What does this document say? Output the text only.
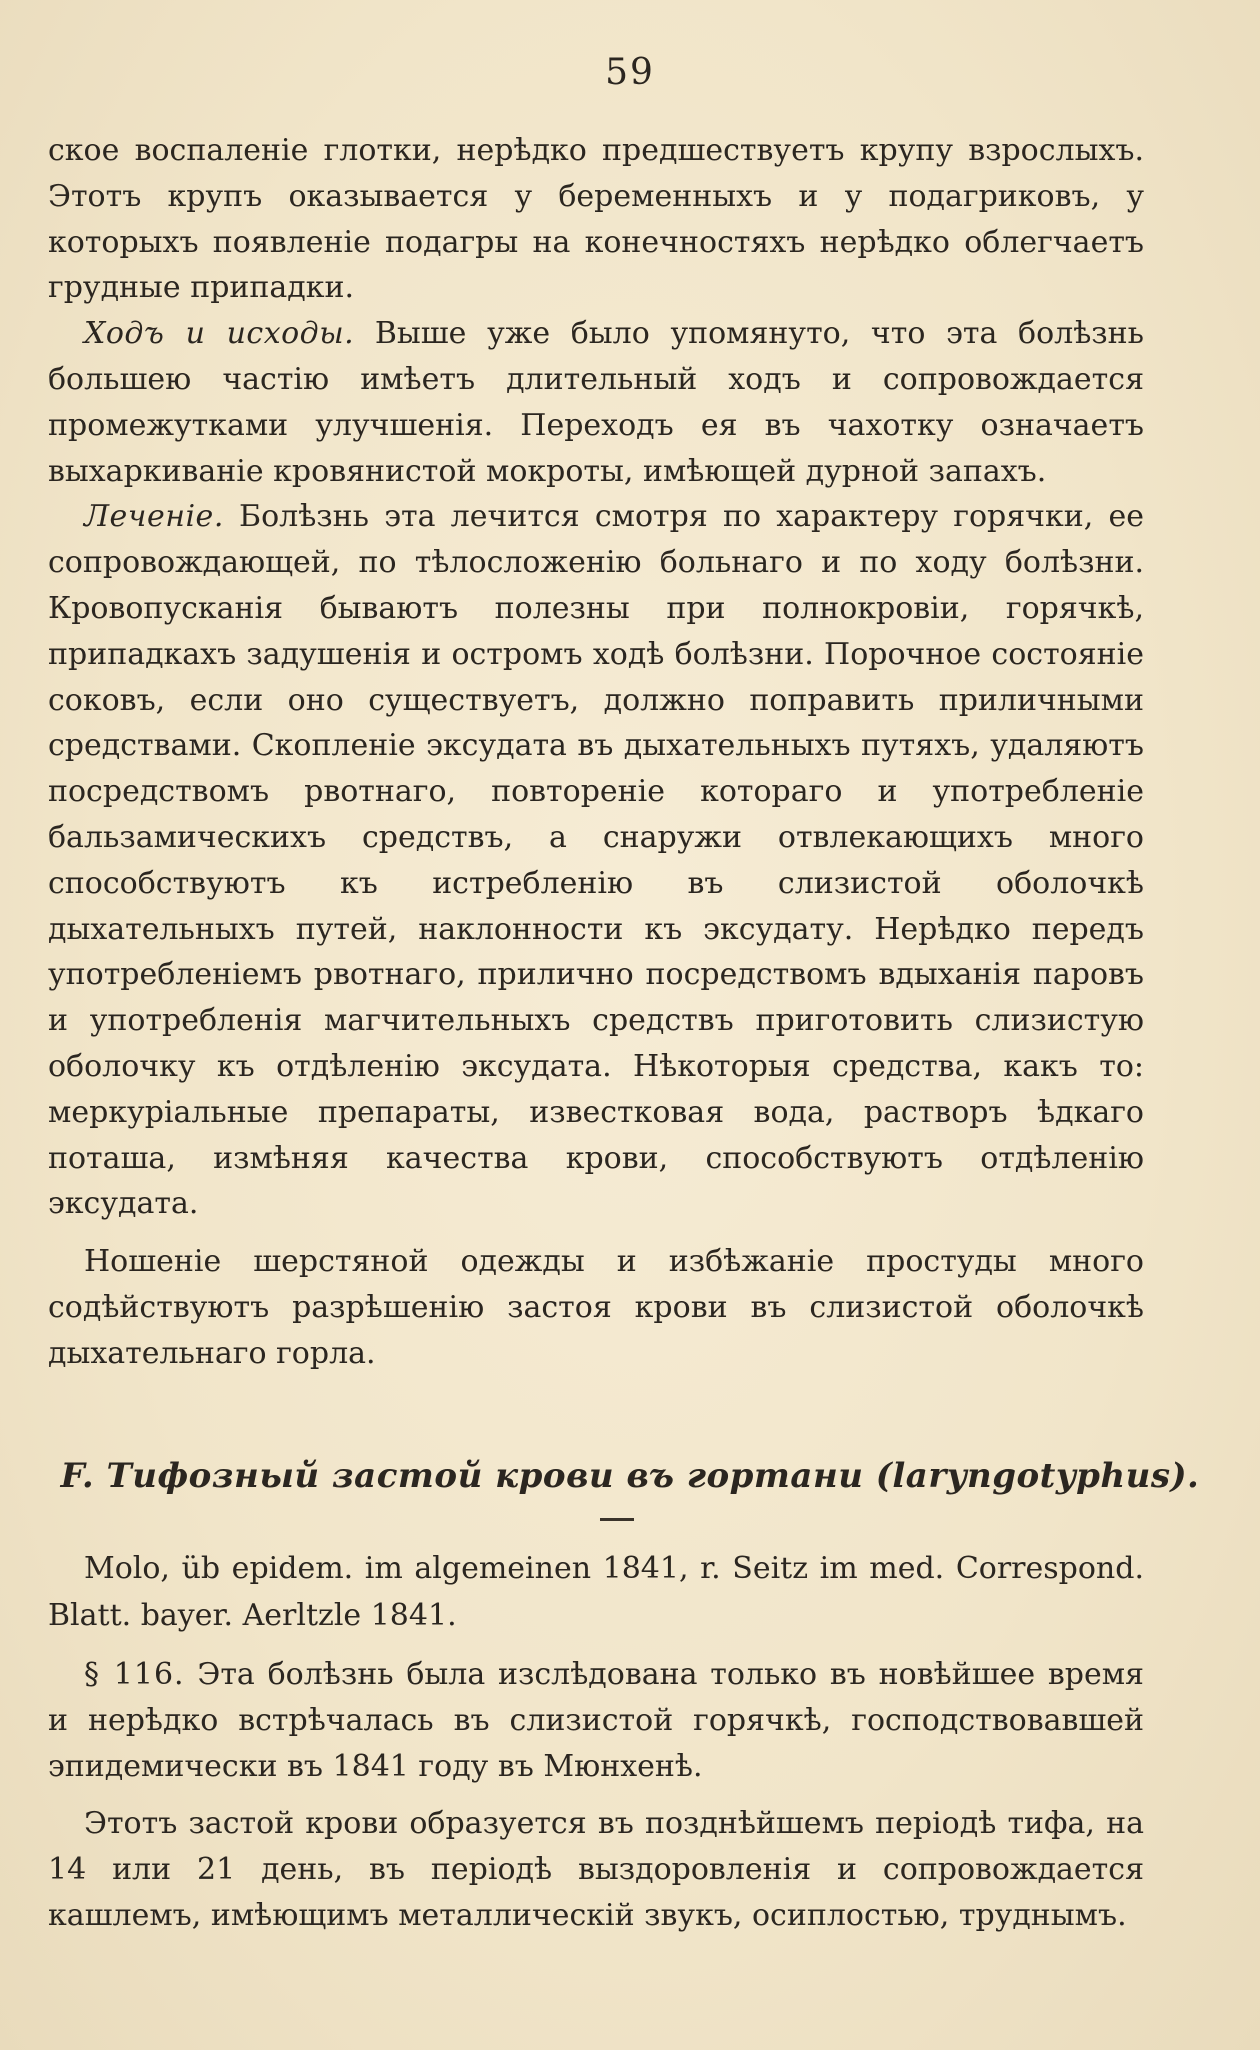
59

ское воспаленіе глотки, нерѣдко предшествуетъ крупу взрослыхъ. Этотъ крупъ оказывается у беременныхъ и у подагриковъ, у которыхъ появленіе подагры на конечностяхъ нерѣдко облегчаетъ грудные припадки.

Ходъ и исходы. Выше уже было упомянуто, что эта болѣзнь большею частію имѣетъ длительный ходъ и сопровождается промежутками улучшенія. Переходъ ея въ чахотку означаетъ выхаркиваніе кровянистой мокроты, имѣющей дурной запахъ.

Леченіе. Болѣзнь эта лечится смотря по характеру горячки, ее сопровождающей, по тѣлосложенію больнаго и по ходу болѣзни. Кровопусканія бываютъ полезны при полнокровіи, горячкѣ, припадкахъ задушенія и остромъ ходѣ болѣзни. Порочное состояніе соковъ, если оно существуетъ, должно поправить приличными средствами. Скопленіе эксудата въ дыхательныхъ путяхъ, удаляютъ посредствомъ рвотнаго, повтореніе котораго и употребленіе бальзамическихъ средствъ, а снаружи отвлекающихъ много способствуютъ къ истребленію въ слизистой оболочкѣ дыхательныхъ путей, наклонности къ эксудату. Нерѣдко передъ употребленіемъ рвотнаго, прилично посредствомъ вдыханія паровъ и употребленія магчительныхъ средствъ приготовить слизистую оболочку къ отдѣленію эксудата. Нѣкоторыя средства, какъ то: меркуріальные препараты, известковая вода, растворъ ѣдкаго поташа, измѣняя качества крови, способствуютъ отдѣленію эксудата.

Ношеніе шерстяной одежды и избѣжаніе простуды много содѣйствуютъ разрѣшенію застоя крови въ слизистой оболочкѣ дыхательнаго горла.

F. Тифозный застой крови въ гортани (laryngotyphus).

Molo, üb epidem. im algemeinen 1841, r. Seitz im med. Correspond. Blatt. bayer. Aerltzle 1841.

§ 116. Эта болѣзнь была изслѣдована только въ новѣйшее время и нерѣдко встрѣчалась въ слизистой горячкѣ, господствовавшей эпидемически въ 1841 году въ Мюнхенѣ.

Этотъ застой крови образуется въ позднѣйшемъ періодѣ тифа, на 14 или 21 день, въ періодѣ выздоровленія и сопровождается кашлемъ, имѣющимъ металлическій звукъ, осиплостью, труднымъ.
